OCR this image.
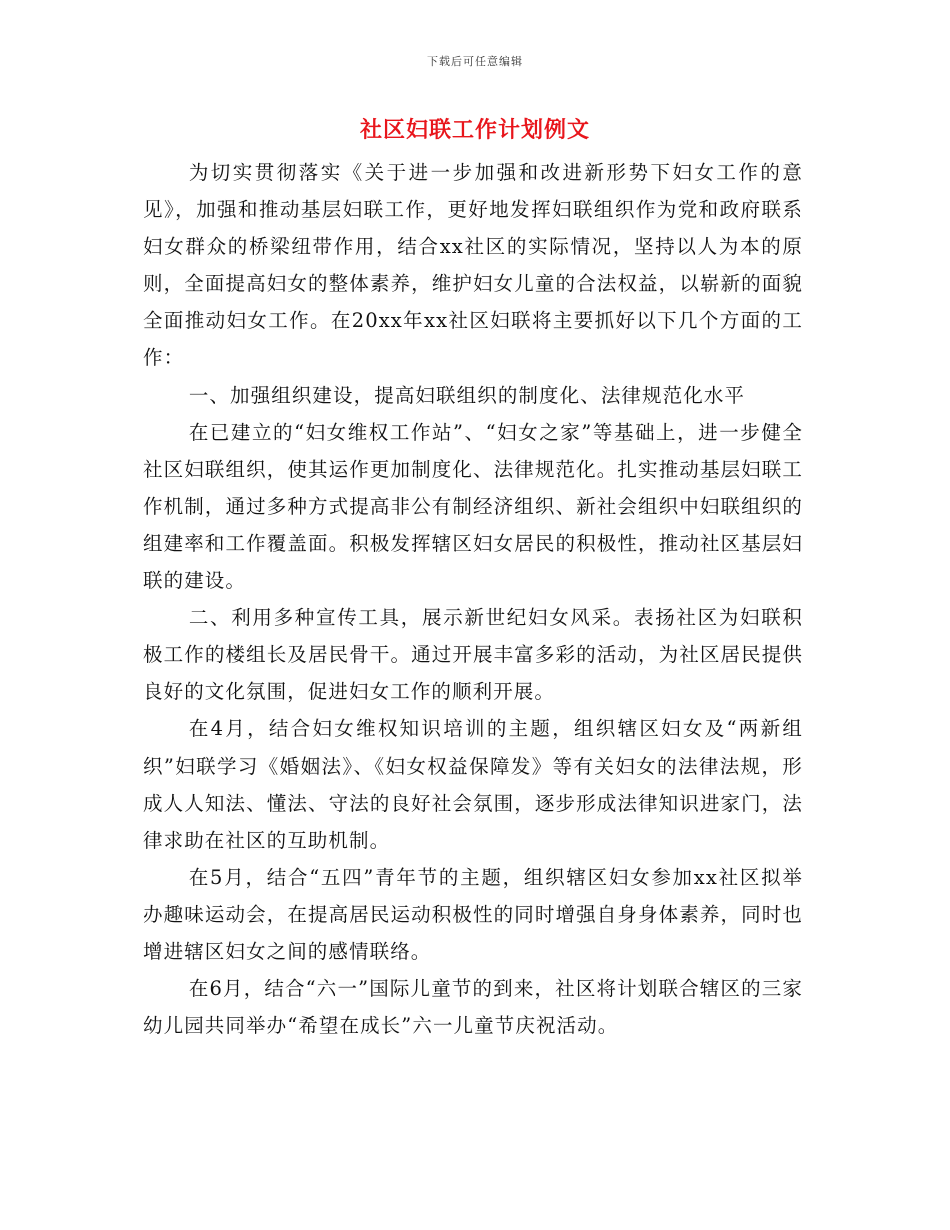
下载后可任意编辑
社区妇联工作计划例文

为切实贯彻落实《关于进一步加强和改进新形势下妇女工作的意见》，加强和推动基层妇联工作，更好地发挥妇联组织作为党和政府联系妇女群众的桥梁纽带作用，结合xx社区的实际情况，坚持以人为本的原则，全面提高妇女的整体素养，维护妇女儿童的合法权益，以崭新的面貌全面推动妇女工作。在20xx年xx社区妇联将主要抓好以下几个方面的工作：

一、加强组织建设，提高妇联组织的制度化、法律规范化水平

在已建立的“妇女维权工作站”、“妇女之家”等基础上，进一步健全社区妇联组织，使其运作更加制度化、法律规范化。扎实推动基层妇联工作机制，通过多种方式提高非公有制经济组织、新社会组织中妇联组织的组建率和工作覆盖面。积极发挥辖区妇女居民的积极性，推动社区基层妇联的建设。

二、利用多种宣传工具，展示新世纪妇女风采。表扬社区为妇联积极工作的楼组长及居民骨干。通过开展丰富多彩的活动，为社区居民提供良好的文化氛围，促进妇女工作的顺利开展。

在4月，结合妇女维权知识培训的主题，组织辖区妇女及“两新组织”妇联学习《婚姻法》、《妇女权益保障发》等有关妇女的法律法规，形成人人知法、懂法、守法的良好社会氛围，逐步形成法律知识进家门，法律求助在社区的互助机制。

在5月，结合“五四”青年节的主题，组织辖区妇女参加xx社区拟举办趣味运动会，在提高居民运动积极性的同时增强自身身体素养，同时也增进辖区妇女之间的感情联络。

在6月，结合“六一”国际儿童节的到来，社区将计划联合辖区的三家幼儿园共同举办“希望在成长”六一儿童节庆祝活动。
